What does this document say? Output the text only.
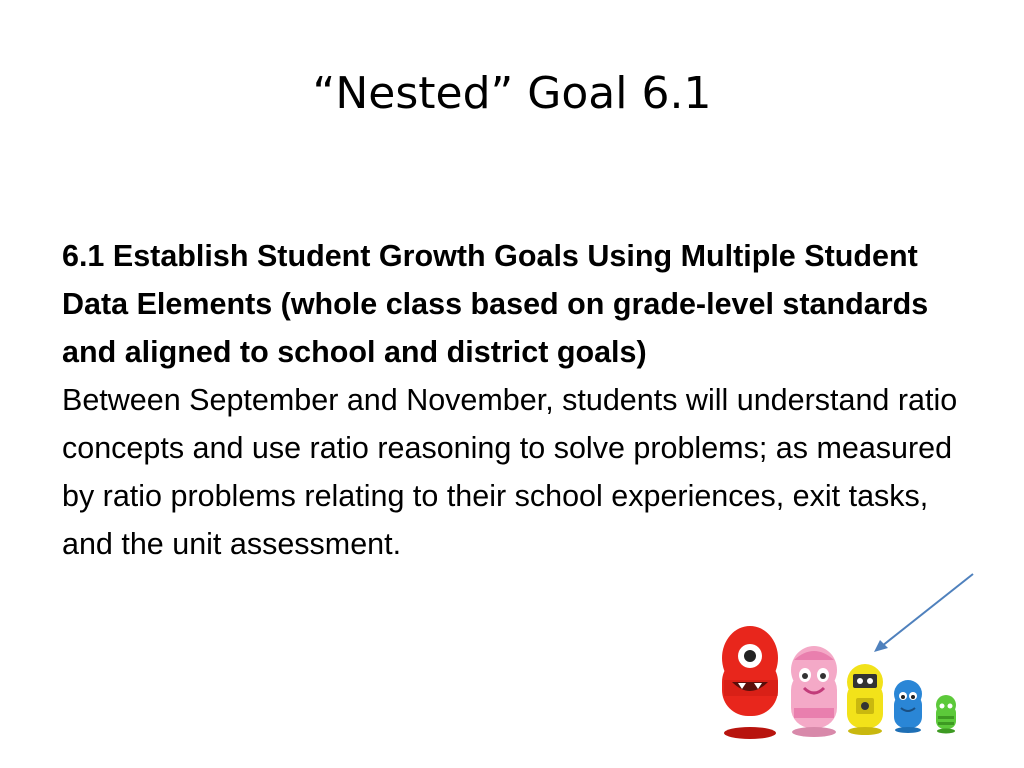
“Nested” Goal 6.1

6.1 Establish Student Growth Goals Using Multiple Student Data Elements (whole class based on grade-level standards and aligned to school and district goals)

Between September and November, students will understand ratio concepts and use ratio reasoning to solve problems; as measured by ratio problems relating to their school experiences, exit tasks, and the unit assessment.
